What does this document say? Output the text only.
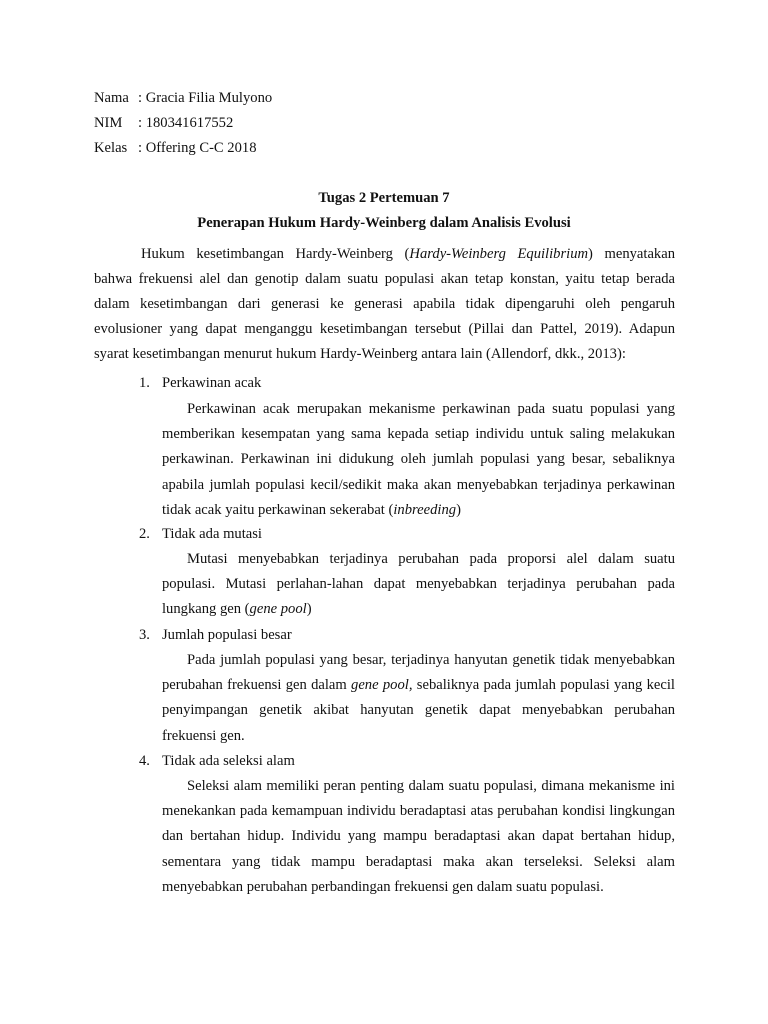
Nama : Gracia Filia Mulyono
NIM	: 180341617552
Kelas : Offering C-C 2018
Tugas 2 Pertemuan 7
Penerapan Hukum Hardy-Weinberg dalam Analisis Evolusi

Hukum kesetimbangan Hardy-Weinberg (Hardy-Weinberg Equilibrium) menyatakan bahwa frekuensi alel dan genotip dalam suatu populasi akan tetap konstan, yaitu tetap berada dalam kesetimbangan dari generasi ke generasi apabila tidak dipengaruhi oleh pengaruh evolusioner yang dapat menganggu kesetimbangan tersebut (Pillai dan Pattel, 2019). Adapun syarat kesetimbangan menurut hukum Hardy-Weinberg antara lain (Allendorf, dkk., 2013):

1. Perkawinan acak

Perkawinan acak merupakan mekanisme perkawinan pada suatu populasi yang memberikan kesempatan yang sama kepada setiap individu untuk saling melakukan perkawinan. Perkawinan ini didukung oleh jumlah populasi yang besar, sebaliknya apabila jumlah populasi kecil/sedikit maka akan menyebabkan terjadinya perkawinan tidak acak yaitu perkawinan sekerabat (inbreeding)

2. Tidak ada mutasi

Mutasi menyebabkan terjadinya perubahan pada proporsi alel dalam suatu populasi. Mutasi perlahan-lahan dapat menyebabkan terjadinya perubahan pada lungkang gen (gene pool)

3. Jumlah populasi besar

Pada jumlah populasi yang besar, terjadinya hanyutan genetik tidak menyebabkan perubahan frekuensi gen dalam gene pool, sebaliknya pada jumlah populasi yang kecil penyimpangan genetik akibat hanyutan genetik dapat menyebabkan perubahan frekuensi gen.

4. Tidak ada seleksi alam

Seleksi alam memiliki peran penting dalam suatu populasi, dimana mekanisme ini menekankan pada kemampuan individu beradaptasi atas perubahan kondisi lingkungan dan bertahan hidup. Individu yang mampu beradaptasi akan dapat bertahan hidup, sementara yang tidak mampu beradaptasi maka akan terseleksi. Seleksi alam menyebabkan perubahan perbandingan frekuensi gen dalam suatu populasi.
